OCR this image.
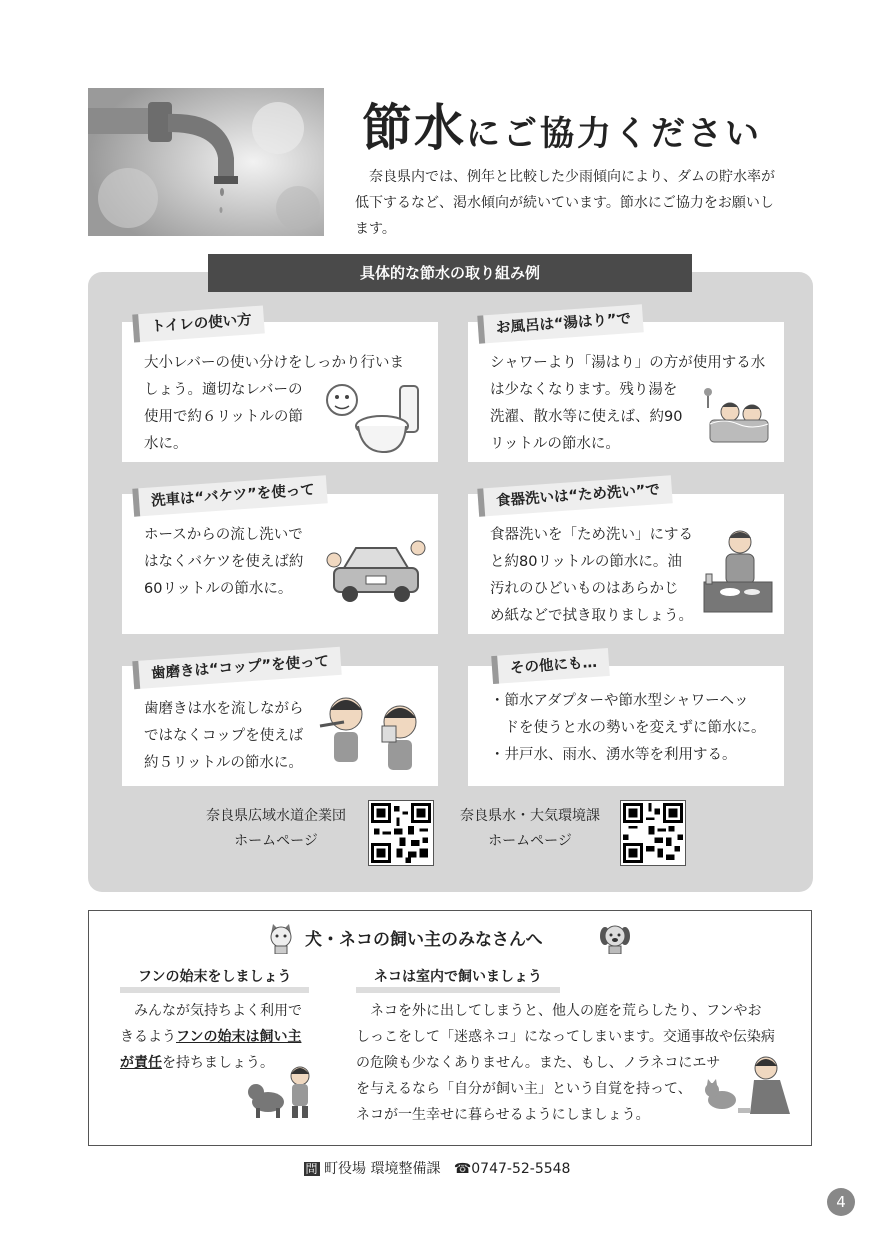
節水にご協力ください
奈良県内では、例年と比較した少雨傾向により、ダムの貯水率が低下するなど、渇水傾向が続いています。節水にご協力をお願いします。
具体的な節水の取り組み例
大小レバーの使い分けをしっかり行いま
しょう。適切なレバーの
使用で約６リットルの節
水に。
トイレの使い方
シャワーより「湯はり」の方が使用する水
は少なくなります。残り湯を
洗濯、散水等に使えば、約90
リットルの節水に。
お風呂は“湯はり”で
ホースからの流し洗いで
はなくバケツを使えば約
60リットルの節水に。
洗車は“バケツ”を使って
食器洗いを「ため洗い」にする
と約80リットルの節水に。油
汚れのひどいものはあらかじ
め紙などで拭き取りましょう。
食器洗いは“ため洗い”で
歯磨きは水を流しながら
ではなくコップを使えば
約５リットルの節水に。
歯磨きは“コップ”を使って
・節水アダプターや節水型シャワーヘッ
　ドを使うと水の勢いを変えずに節水に。
・井戸水、雨水、湧水等を利用する。
その他にも…
奈良県広域水道企業団
ホームページ
奈良県水・大気環境課
ホームページ
犬・ネコの飼い主のみなさんへ
フンの始末をしましょう
みんなが気持ちよく利用で
きるようフンの始末は飼い主
が責任を持ちましょう。
ネコは室内で飼いましょう
ネコを外に出してしまうと、他人の庭を荒らしたり、フンやお
しっこをして「迷惑ネコ」になってしまいます。交通事故や伝染病
の危険も少なくありません。また、もし、ノラネコにエサ
を与えるなら「自分が飼い主」という自覚を持って、
ネコが一生幸せに暮らせるようにしましょう。
問 町役場 環境整備課 ☎0747-52-5548
4
